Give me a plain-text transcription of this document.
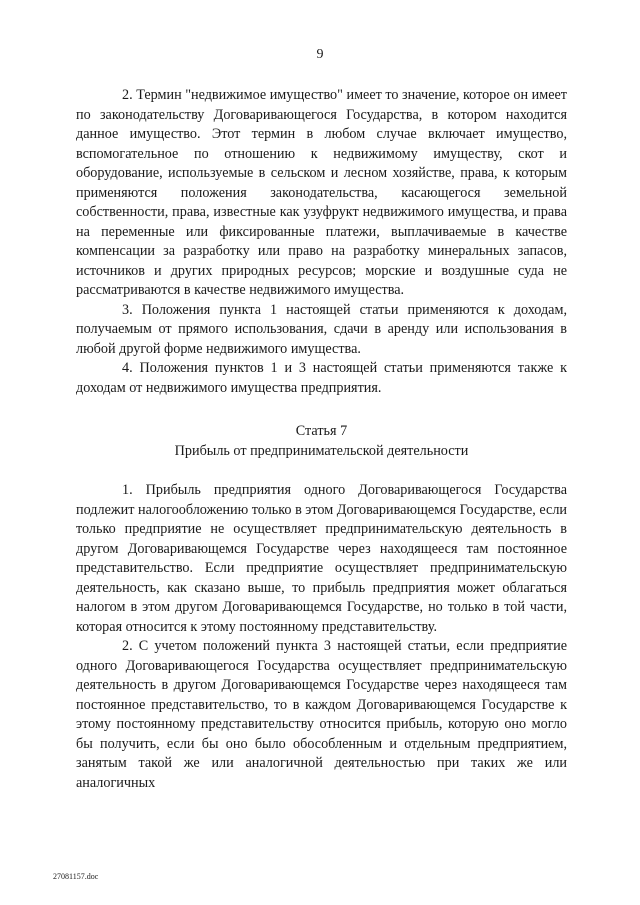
9

2. Термин "недвижимое имущество" имеет то значение, которое он имеет по законодательству Договаривающегося Государства, в котором находится данное имущество. Этот термин в любом случае включает имущество, вспомогательное по отношению к недвижимому имуществу, скот и оборудование, используемые в сельском и лесном хозяйстве, права, к которым применяются положения законодательства, касающегося земельной собственности, права, известные как узуфрукт недвижимого имущества, и права на переменные или фиксированные платежи, выплачиваемые в качестве компенсации за разработку или право на разработку минеральных запасов, источников и других природных ресурсов; морские и воздушные суда не рассматриваются в качестве недвижимого имущества.

3. Положения пункта 1 настоящей статьи применяются к доходам, получаемым от прямого использования, сдачи в аренду или использования в любой другой форме недвижимого имущества.

4. Положения пунктов 1 и 3 настоящей статьи применяются также к доходам от недвижимого имущества предприятия.

Статья 7
Прибыль от предпринимательской деятельности

1. Прибыль предприятия одного Договаривающегося Государства подлежит налогообложению только в этом Договаривающемся Государстве, если только предприятие не осуществляет предпринимательскую деятельность в другом Договаривающемся Государстве через находящееся там постоянное представительство. Если предприятие осуществляет предпринимательскую деятельность, как сказано выше, то прибыль предприятия может облагаться налогом в этом другом Договаривающемся Государстве, но только в той части, которая относится к этому постоянному представительству.

2. С учетом положений пункта 3 настоящей статьи, если предприятие одного Договаривающегося Государства осуществляет предпринимательскую деятельность в другом Договаривающемся Государстве через находящееся там постоянное представительство, то в каждом Договаривающемся Государстве к этому постоянному представительству относится прибыль, которую оно могло бы получить, если бы оно было обособленным и отдельным предприятием, занятым такой же или аналогичной деятельностью при таких же или аналогичных

27081157.doc
